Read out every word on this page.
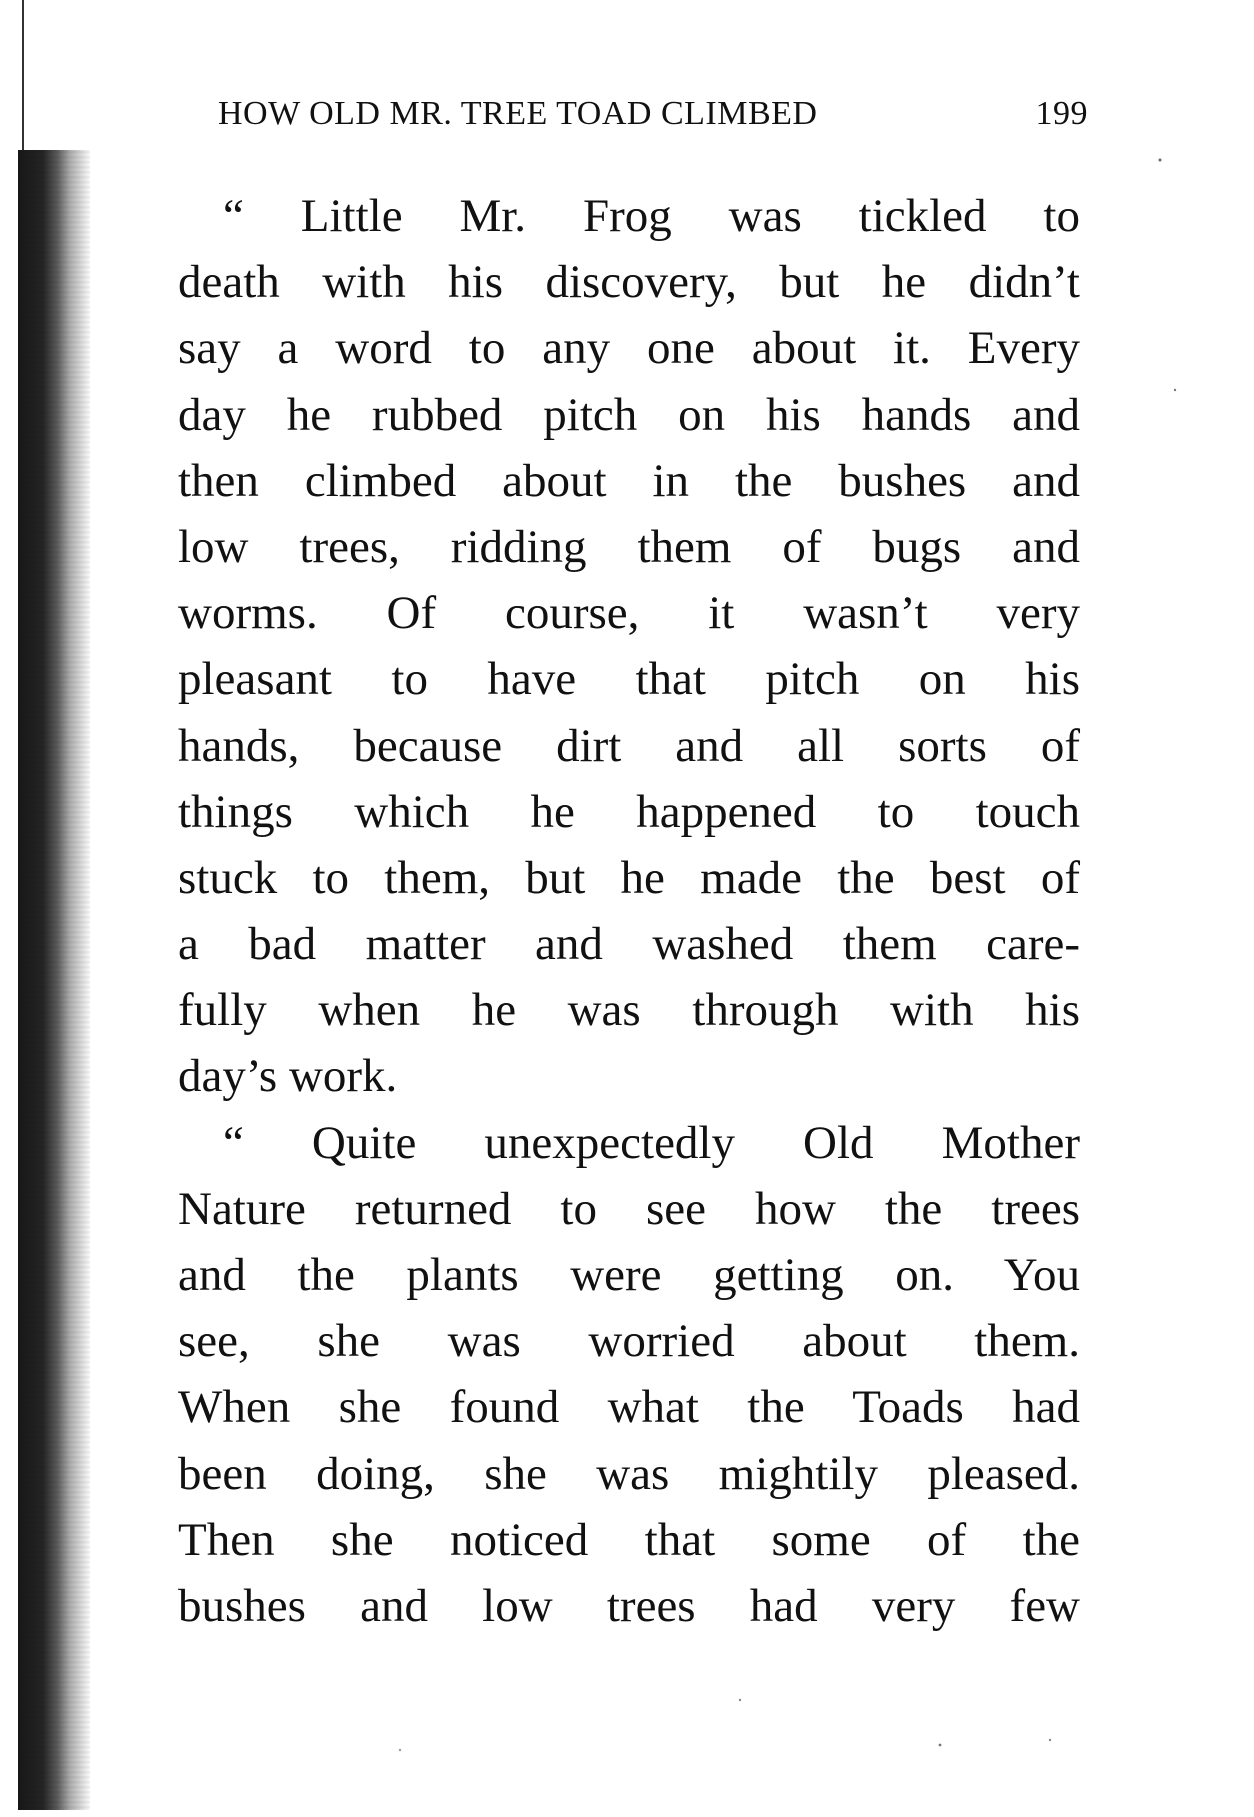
HOW OLD MR. TREE TOAD CLIMBED	199
“ Little Mr. Frog was tickled to
death with his discovery, but he didn’t
say a word to any one about it. Every
day he rubbed pitch on his hands and
then climbed about in the bushes and
low trees, ridding them of bugs and
worms. Of course, it wasn’t very
pleasant to have that pitch on his
hands, because dirt and all sorts of
things which he happened to touch
stuck to them, but he made the best of
a bad matter and washed them care-
fully when he was through with his
day’s work.
“ Quite unexpectedly Old Mother
Nature returned to see how the trees
and the plants were getting on. You
see, she was worried about them.
When she found what the Toads had
been doing, she was mightily pleased.
Then she noticed that some of the
bushes and low trees had very few
